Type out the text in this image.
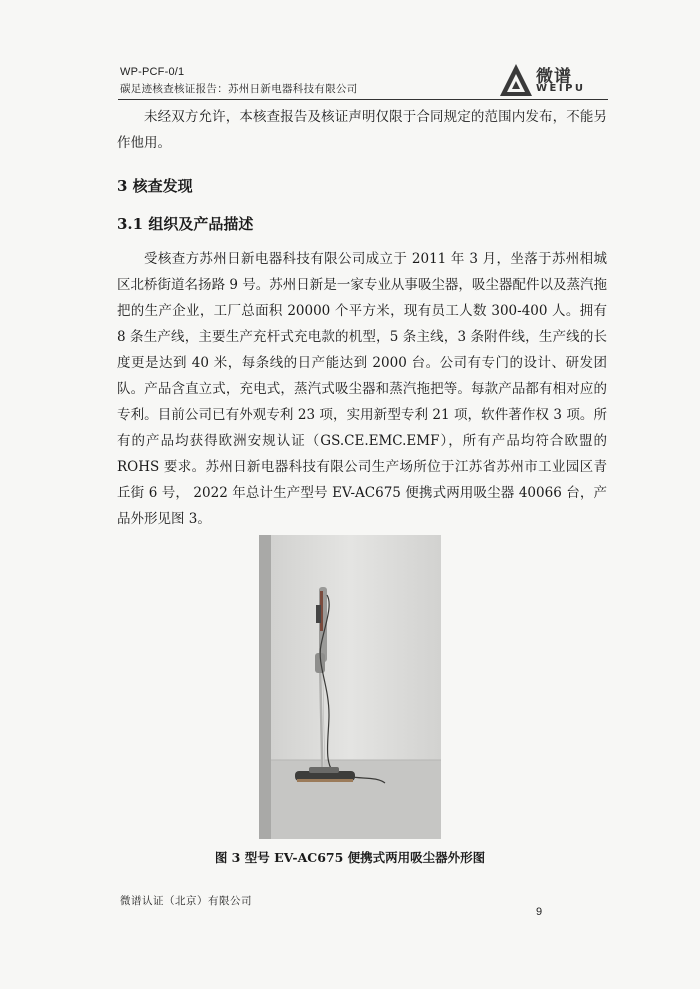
WP-PCF-0/1
碳足迹核查核证报告：苏州日新电器科技有限公司
微谱
WEIPU

未经双方允许，本核查报告及核证声明仅限于合同规定的范围内发布，不能另作他用。

3 核查发现
3.1 组织及产品描述

受核查方苏州日新电器科技有限公司成立于 2011 年 3 月，坐落于苏州相城区北桥街道名扬路 9 号。苏州日新是一家专业从事吸尘器，吸尘器配件以及蒸汽拖把的生产企业，工厂总面积 20000 个平方米，现有员工人数 300-400 人。拥有 8 条生产线，主要生产充杆式充电款的机型，5 条主线，3 条附件线，生产线的长度更是达到 40 米，每条线的日产能达到 2000 台。公司有专门的设计、研发团队。产品含直立式，充电式，蒸汽式吸尘器和蒸汽拖把等。每款产品都有相对应的专利。目前公司已有外观专利 23 项，实用新型专利 21 项，软件著作权 3 项。所有的产品均获得欧洲安规认证（GS.CE.EMC.EMF），所有产品均符合欧盟的 ROHS 要求。苏州日新电器科技有限公司生产场所位于江苏省苏州市工业园区青丘街 6 号， 2022 年总计生产型号 EV-AC675 便携式两用吸尘器 40066 台，产品外形见图 3。

图 3 型号 EV-AC675 便携式两用吸尘器外形图

微谱认证（北京）有限公司
9
